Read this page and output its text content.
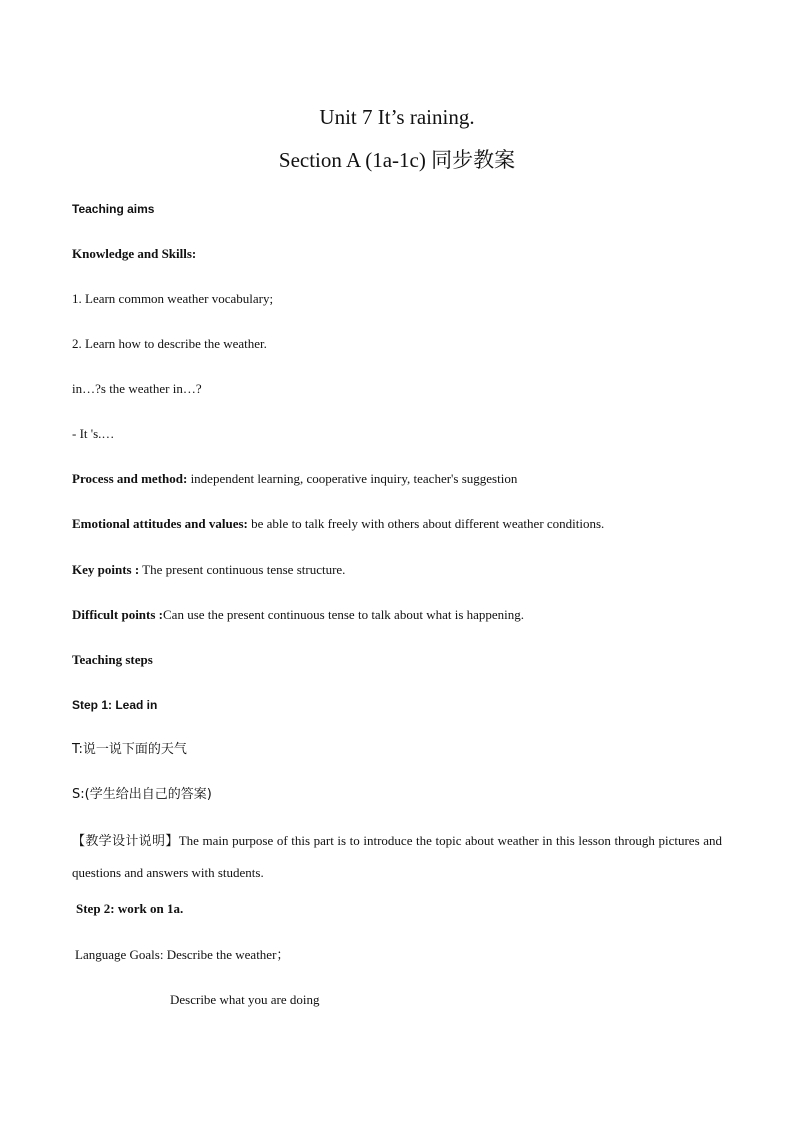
Unit 7 It’s raining.
Section A (1a-1c) 同步教案
Teaching aims
Knowledge and Skills:
1. Learn common weather vocabulary;
2. Learn how to describe the weather.
in…?s the weather in…?
- It 's.…
Process and method: independent learning, cooperative inquiry, teacher's suggestion
Emotional attitudes and values: be able to talk freely with others about different weather conditions.
Key points : The present continuous tense structure.
Difficult points :Can use the present continuous tense to talk about what is happening.
Teaching steps
Step 1: Lead in
T:说一说下面的天气
S:(学生给出自己的答案)
【教学设计说明】The main purpose of this part is to introduce the topic about weather in this lesson through pictures and questions and answers with students.
Step 2: work on 1a.
Language Goals: Describe the weather；
Describe what you are doing
